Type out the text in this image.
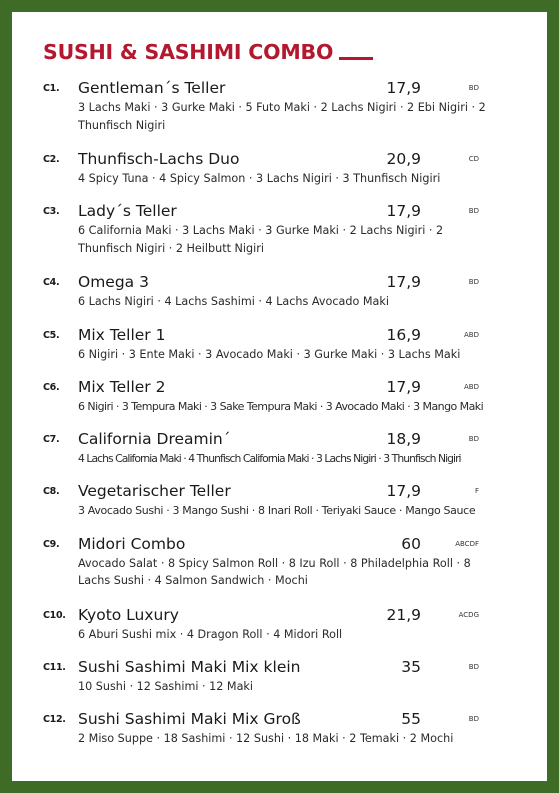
SUSHI & SASHIMI COMBO
C1. Gentleman´s Teller	17,9	BD
3 Lachs Maki · 3 Gurke Maki · 5 Futo Maki · 2 Lachs Nigiri · 2 Ebi Nigiri · 2 Thunfisch Nigiri
C2. Thunfisch-Lachs Duo	20,9	CD
4 Spicy Tuna · 4 Spicy Salmon · 3 Lachs Nigiri · 3 Thunfisch Nigiri
C3. Lady´s Teller	17,9	BD
6 California Maki · 3 Lachs Maki · 3 Gurke Maki · 2 Lachs Nigiri · 2 Thunfisch Nigiri · 2 Heilbutt Nigiri
C4. Omega 3	17,9	BD
6 Lachs Nigiri · 4 Lachs Sashimi · 4 Lachs Avocado Maki
C5. Mix Teller 1	16,9	ABD
6 Nigiri · 3 Ente Maki · 3 Avocado Maki · 3 Gurke Maki · 3 Lachs Maki
C6. Mix Teller 2	17,9	ABD
6 Nigiri · 3 Tempura Maki · 3 Sake Tempura Maki · 3 Avocado Maki · 3 Mango Maki
C7. California Dreamin´	18,9	BD
4 Lachs California Maki · 4 Thunfisch California Maki · 3 Lachs Nigiri · 3 Thunfisch Nigiri
C8. Vegetarischer Teller	17,9	F
3 Avocado Sushi · 3 Mango Sushi · 8 Inari Roll · Teriyaki Sauce · Mango Sauce
C9. Midori Combo	60	ABCDF
Avocado Salat · 8 Spicy Salmon Roll · 8 Izu Roll · 8 Philadelphia Roll · 8 Lachs Sushi · 4 Salmon Sandwich · Mochi
C10. Kyoto Luxury	21,9	ACDG
6 Aburi Sushi mix · 4 Dragon Roll · 4 Midori Roll
C11. Sushi Sashimi Maki Mix klein	35	BD
10 Sushi · 12 Sashimi · 12 Maki
C12. Sushi Sashimi Maki Mix Groß	55	BD
2 Miso Suppe · 18 Sashimi · 12 Sushi · 18 Maki · 2 Temaki · 2 Mochi
